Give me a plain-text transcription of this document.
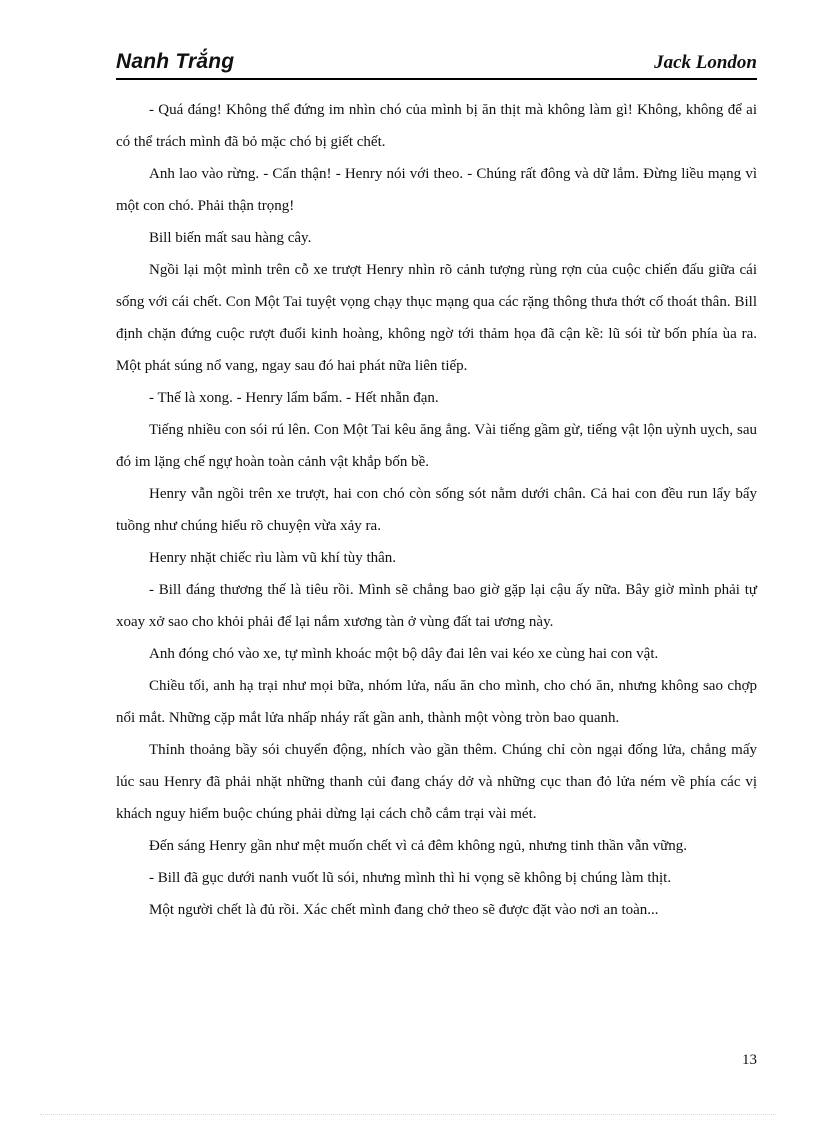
Nanh Trắng	Jack London

- Quá đáng! Không thể đứng im nhìn chó của mình bị ăn thịt mà không làm gì! Không, không để ai có thể trách mình đã bỏ mặc chó bị giết chết.

Anh lao vào rừng. - Cẩn thận! - Henry nói với theo. - Chúng rất đông và dữ lắm. Đừng liều mạng vì một con chó. Phải thận trọng!

Bill biến mất sau hàng cây.

Ngồi lại một mình trên cỗ xe trượt Henry nhìn rõ cảnh tượng rùng rợn của cuộc chiến đấu giữa cái sống với cái chết. Con Một Tai tuyệt vọng chạy thục mạng qua các rặng thông thưa thớt cố thoát thân. Bill định chặn đứng cuộc rượt đuổi kinh hoàng, không ngờ tới thảm họa đã cận kề: lũ sói từ bốn phía ùa ra. Một phát súng nổ vang, ngay sau đó hai phát nữa liên tiếp.

- Thế là xong. - Henry lẩm bẩm. - Hết nhẵn đạn.

Tiếng nhiều con sói rú lên. Con Một Tai kêu ăng ẳng. Vài tiếng gầm gừ, tiếng vật lộn uỳnh uỵch, sau đó im lặng chế ngự hoàn toàn cảnh vật khắp bốn bề.

Henry vẫn ngồi trên xe trượt, hai con chó còn sống sót nằm dưới chân. Cả hai con đều run lẩy bẩy tuồng như chúng hiểu rõ chuyện vừa xảy ra.

Henry nhặt chiếc rìu làm vũ khí tùy thân.

- Bill đáng thương thế là tiêu rồi. Mình sẽ chẳng bao giờ gặp lại cậu ấy nữa. Bây giờ mình phải tự xoay xở sao cho khỏi phải để lại nắm xương tàn ở vùng đất tai ương này.

Anh đóng chó vào xe, tự mình khoác một bộ dây đai lên vai kéo xe cùng hai con vật.

Chiều tối, anh hạ trại như mọi bữa, nhóm lửa, nấu ăn cho mình, cho chó ăn, nhưng không sao chợp nổi mắt. Những cặp mắt lửa nhấp nháy rất gần anh, thành một vòng tròn bao quanh.

Thỉnh thoảng bầy sói chuyển động, nhích vào gần thêm. Chúng chỉ còn ngại đống lửa, chẳng mấy lúc sau Henry đã phải nhặt những thanh củi đang cháy dở và những cục than đỏ lửa ném về phía các vị khách nguy hiểm buộc chúng phải dừng lại cách chỗ cắm trại vài mét.

Đến sáng Henry gần như mệt muốn chết vì cả đêm không ngủ, nhưng tinh thần vẫn vững.

- Bill đã gục dưới nanh vuốt lũ sói, nhưng mình thì hi vọng sẽ không bị chúng làm thịt.

Một người chết là đủ rồi. Xác chết mình đang chở theo sẽ được đặt vào nơi an toàn...

13
